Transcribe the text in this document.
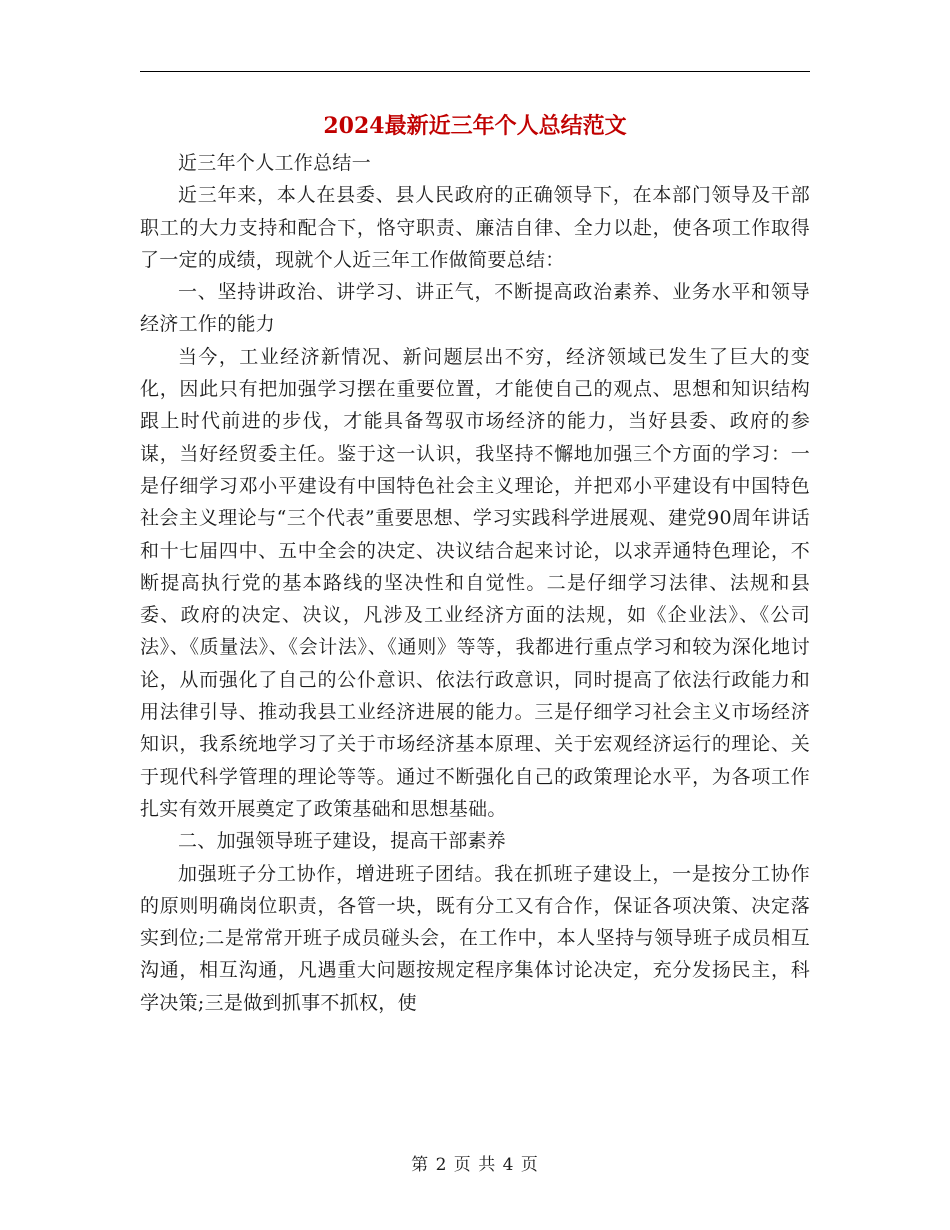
2024最新近三年个人总结范文

近三年个人工作总结一

近三年来，本人在县委、县人民政府的正确领导下，在本部门领导及干部职工的大力支持和配合下，恪守职责、廉洁自律、全力以赴，使各项工作取得了一定的成绩，现就个人近三年工作做简要总结：

一、坚持讲政治、讲学习、讲正气，不断提高政治素养、业务水平和领导经济工作的能力

当今，工业经济新情况、新问题层出不穷，经济领域已发生了巨大的变化，因此只有把加强学习摆在重要位置，才能使自己的观点、思想和知识结构跟上时代前进的步伐，才能具备驾驭市场经济的能力，当好县委、政府的参谋，当好经贸委主任。鉴于这一认识，我坚持不懈地加强三个方面的学习：一是仔细学习邓小平建设有中国特色社会主义理论，并把邓小平建设有中国特色社会主义理论与“三个代表”重要思想、学习实践科学进展观、建党90周年讲话和十七届四中、五中全会的决定、决议结合起来讨论，以求弄通特色理论，不断提高执行党的基本路线的坚决性和自觉性。二是仔细学习法律、法规和县委、政府的决定、决议，凡涉及工业经济方面的法规，如《企业法》、《公司法》、《质量法》、《会计法》、《通则》等等，我都进行重点学习和较为深化地讨论，从而强化了自己的公仆意识、依法行政意识，同时提高了依法行政能力和用法律引导、推动我县工业经济进展的能力。三是仔细学习社会主义市场经济知识，我系统地学习了关于市场经济基本原理、关于宏观经济运行的理论、关于现代科学管理的理论等等。通过不断强化自己的政策理论水平，为各项工作扎实有效开展奠定了政策基础和思想基础。

二、加强领导班子建设，提高干部素养

加强班子分工协作，增进班子团结。我在抓班子建设上，一是按分工协作的原则明确岗位职责，各管一块，既有分工又有合作，保证各项决策、决定落实到位;二是常常开班子成员碰头会，在工作中，本人坚持与领导班子成员相互沟通，相互沟通，凡遇重大问题按规定程序集体讨论决定，充分发扬民主，科学决策;三是做到抓事不抓权，使

第 2 页 共 4 页
